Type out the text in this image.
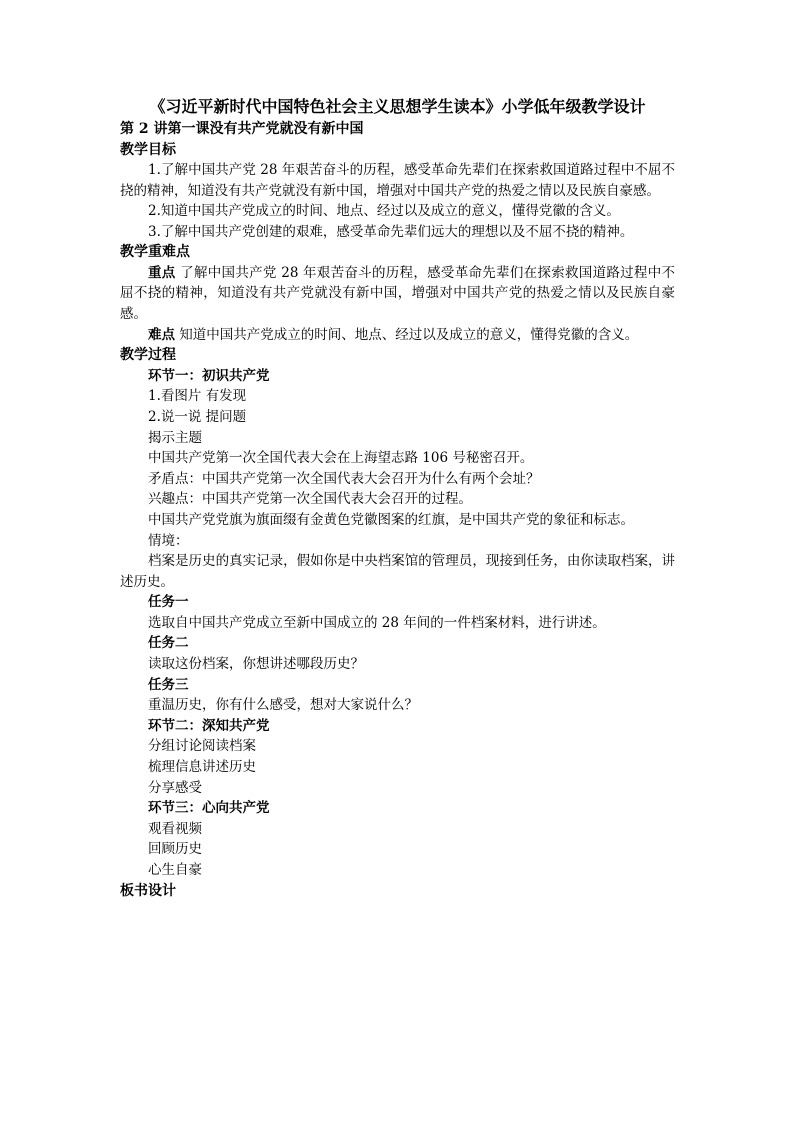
《习近平新时代中国特色社会主义思想学生读本》小学低年级教学设计
第 2 讲第一课没有共产党就没有新中国
教学目标

1.了解中国共产党 28 年艰苦奋斗的历程，感受革命先辈们在探索救国道路过程中不屈不挠的精神，知道没有共产党就没有新中国，增强对中国共产党的热爱之情以及民族自豪感。

2.知道中国共产党成立的时间、地点、经过以及成立的意义，懂得党徽的含义。

3.了解中国共产党创建的艰难，感受革命先辈们远大的理想以及不屈不挠的精神。

教学重难点

重点 了解中国共产党 28 年艰苦奋斗的历程，感受革命先辈们在探索救国道路过程中不屈不挠的精神，知道没有共产党就没有新中国，增强对中国共产党的热爱之情以及民族自豪感。

难点 知道中国共产党成立的时间、地点、经过以及成立的意义，懂得党徽的含义。

教学过程

环节一：初识共产党

1.看图片 有发现

2.说一说 提问题

揭示主题

中国共产党第一次全国代表大会在上海望志路 106 号秘密召开。

矛盾点：中国共产党第一次全国代表大会召开为什么有两个会址？

兴趣点：中国共产党第一次全国代表大会召开的过程。

中国共产党党旗为旗面缀有金黄色党徽图案的红旗，是中国共产党的象征和标志。

情境：

档案是历史的真实记录，假如你是中央档案馆的管理员，现接到任务，由你读取档案，讲述历史。

任务一

选取自中国共产党成立至新中国成立的 28 年间的一件档案材料，进行讲述。

任务二

读取这份档案，你想讲述哪段历史？

任务三

重温历史，你有什么感受，想对大家说什么？

环节二：深知共产党

分组讨论阅读档案

梳理信息讲述历史

分享感受

环节三：心向共产党

观看视频

回顾历史

心生自豪

板书设计
